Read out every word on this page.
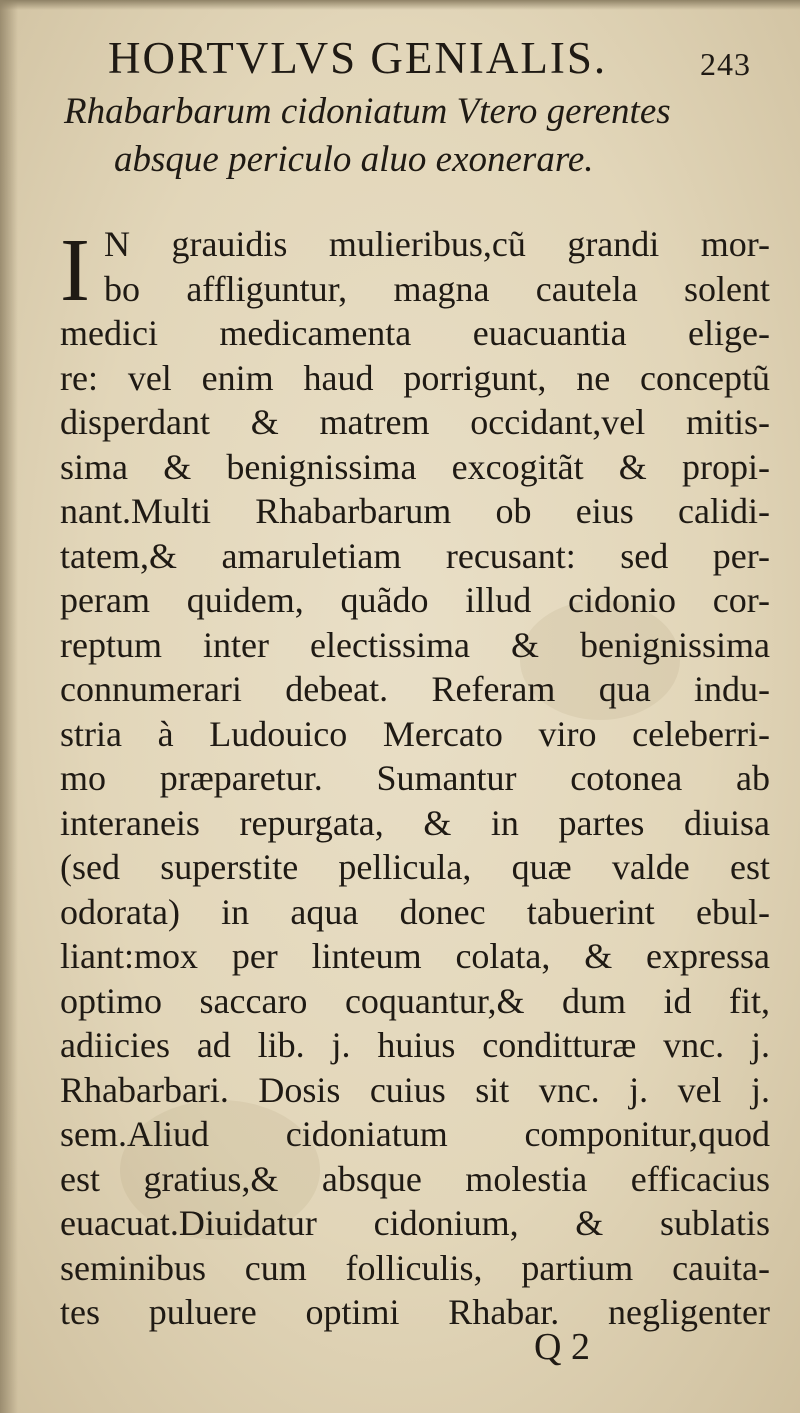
HORTVLVS GENIALIS.	243
Rhabarbarum cidoniatum Vtero gerentes
absque periculo aluo exonerare.
I N grauidis mulieribus,cũ grandi mor-
bo affliguntur, magna cautela solent
medici medicamenta euacuantia elige-
re: vel enim haud porrigunt, ne conceptũ
disperdant & matrem occidant,vel mitis-
sima & benignissima excogitãt & propi-
nant.Multi Rhabarbarum ob eius calidi-
tatem,& amaruletiam recusant: sed per-
peram quidem, quãdo illud cidonio cor-
reptum inter electissima & benignissima
connumerari debeat. Referam qua indu-
stria à Ludouico Mercato viro celeberri-
mo præparetur. Sumantur cotonea ab
interaneis repurgata, & in partes diuisa
(sed superstite pellicula, quæ valde est
odorata) in aqua donec tabuerint ebul-
liant:mox per linteum colata, & expressa
optimo saccaro coquantur,& dum id fit,
adiicies ad lib. j. huius conditturæ vnc. j.
Rhabarbari. Dosis cuius sit vnc. j. vel j.
sem.Aliud cidoniatum componitur,quod
est gratius,& absque molestia efficacius
euacuat.Diuidatur cidonium, & sublatis
seminibus cum folliculis, partium cauita-
tes puluere optimi Rhabar. negligenter
Q 2
